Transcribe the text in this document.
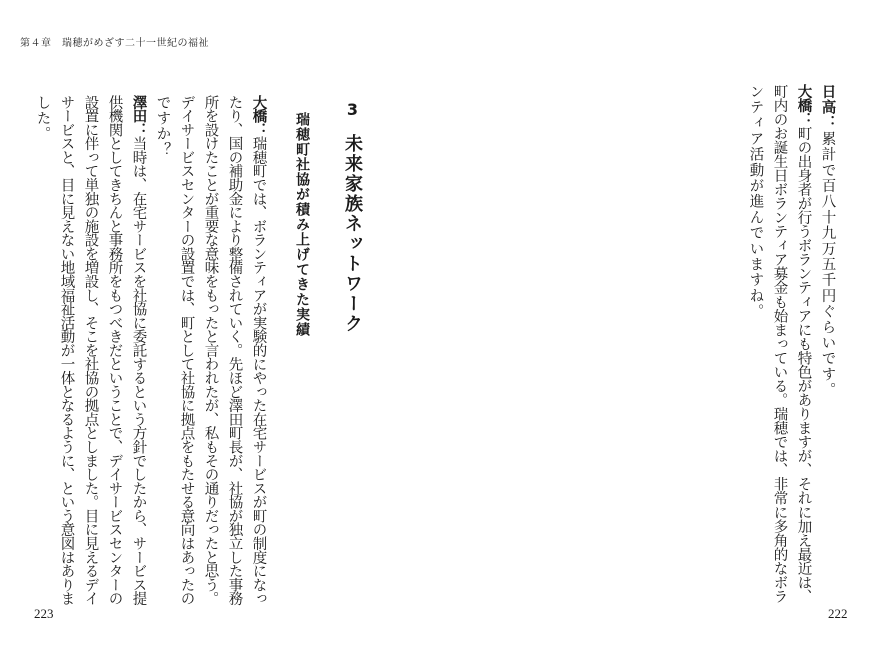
第４章　瑞穂がめざす二十一世紀の福祉
日高：累計で百八十九万五千円ぐらいです。
大橋：町の出身者が行うボランティアにも特色がありますが、それに加え最近は、
町内のお誕生日ボランティア募金も始まっている。瑞穂では、非常に多角的なボラ
ンティア活動が進んでいますね。
222
3未来家族ネットワーク
瑞穂町社協が積み上げてきた実績
大橋：瑞穂町では、ボランティアが実験的にやった在宅サービスが町の制度になっ
たり、国の補助金により整備されていく。先ほど澤田町長が、社協が独立した事務
所を設けたことが重要な意味をもったと言われたが、私もその通りだったと思う。
デイサービスセンターの設置では、町として社協に拠点をもたせる意向はあったの
ですか？
澤田：当時は、在宅サービスを社協に委託するという方針でしたから、サービス提
供機関としてきちんと事務所をもつべきだということで、デイサービスセンターの
設置に伴って単独の施設を増設し、そこを社協の拠点としました。目に見えるデイ
サービスと、目に見えない地域福祉活動が一体となるように、という意図はありま
した。
223
